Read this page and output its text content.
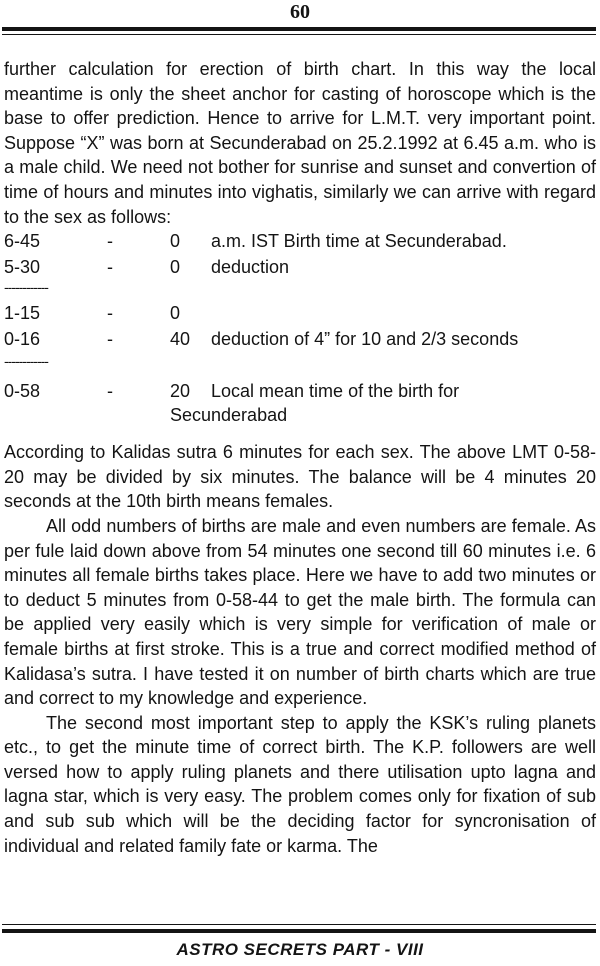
60

further calculation for erection of birth chart. In this way the local meantime is only the sheet anchor for casting of horoscope which is the base to offer prediction. Hence to arrive for L.M.T. very important point. Suppose “X” was born at Secunderabad on 25.2.1992 at 6.45 a.m. who is a male child. We need not bother for sunrise and sunset and convertion of time of hours and minutes into vighatis, similarly we can arrive with regard to the sex as follows:

6-45	-	0 a.m. IST Birth time at Secunderabad.
5-30	-	0 deduction
------------
1-15	-	0
0-16	-	40 deduction of 4” for 10 and 2/3 seconds
------------
0-58	-	20 Local mean time of the birth for
Secunderabad

According to Kalidas sutra 6 minutes for each sex. The above LMT 0-58-20 may be divided by six minutes. The balance will be 4 minutes 20 seconds at the 10th birth means females.

All odd numbers of births are male and even numbers are female. As per fule laid down above from 54 minutes one second till 60 minutes i.e. 6 minutes all female births takes place. Here we have to add two minutes or to deduct 5 minutes from 0-58-44 to get the male birth. The formula can be applied very easily which is very simple for verification of male or female births at first stroke. This is a true and correct modified method of Kalidasa’s sutra. I have tested it on number of birth charts which are true and correct to my knowledge and experience.

The second most important step to apply the KSK’s ruling planets etc., to get the minute time of correct birth. The K.P. followers are well versed how to apply ruling planets and there utilisation upto lagna and lagna star, which is very easy. The problem comes only for fixation of sub and sub sub which will be the deciding factor for syncronisation of individual and related family fate or karma. The

ASTRO SECRETS PART - VIII
